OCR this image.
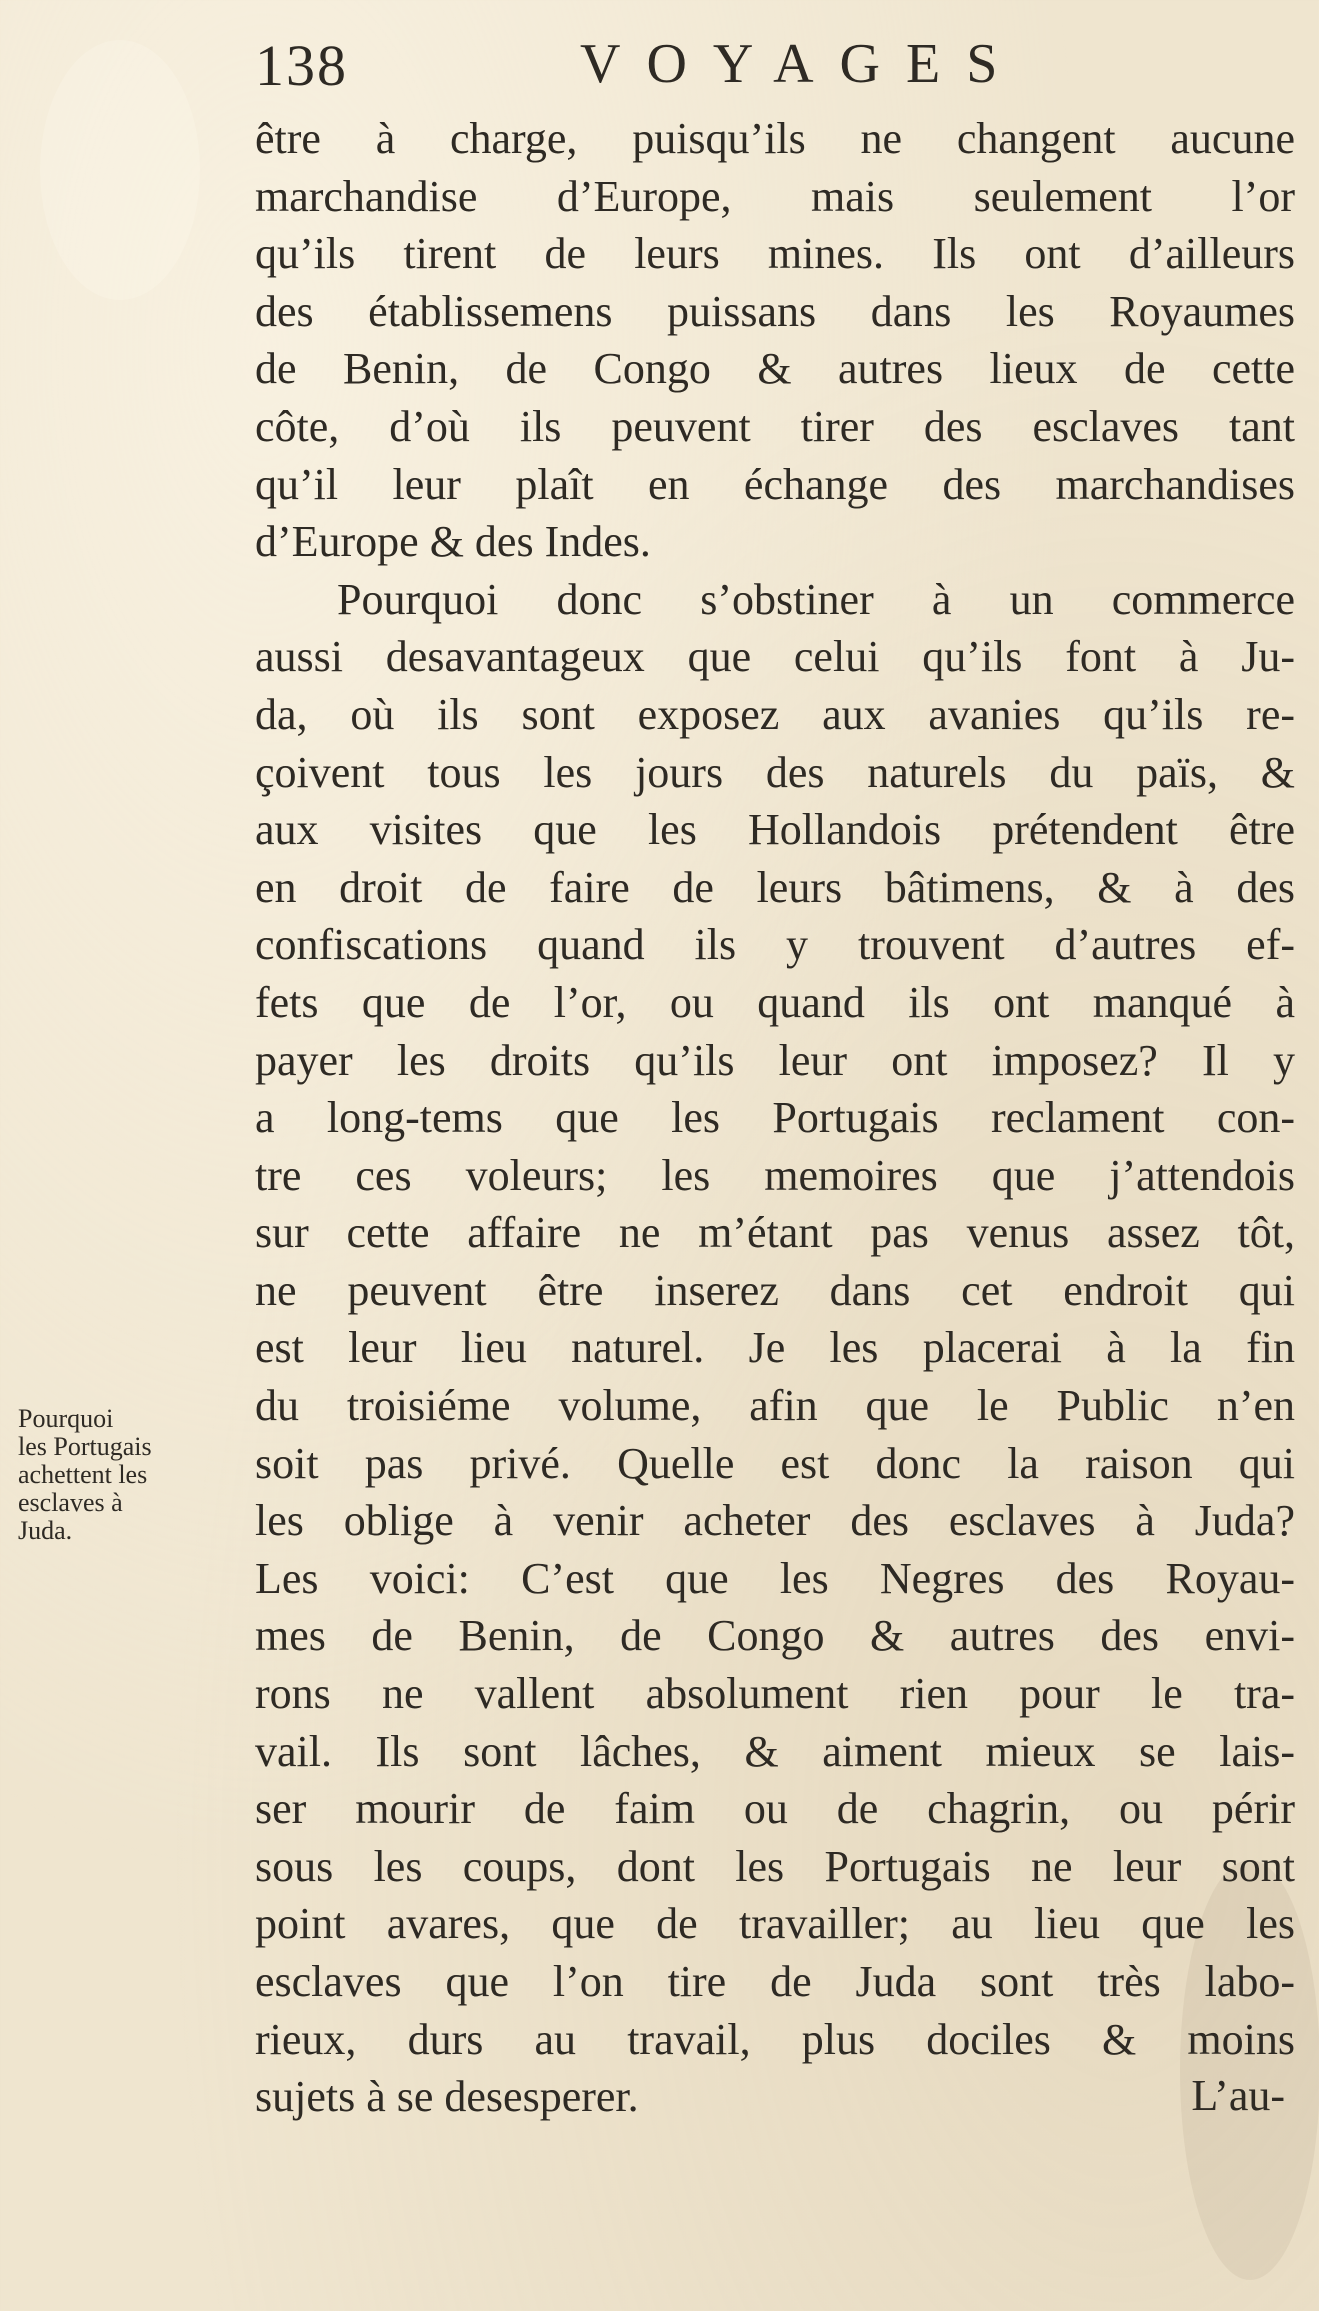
138	VOYAGES
être à charge, puisqu’ils ne changent aucune
marchandise d’Europe, mais seulement l’or
qu’ils tirent de leurs mines. Ils ont d’ailleurs
des établissemens puissans dans les Royaumes
de Benin, de Congo & autres lieux de cette
côte, d’où ils peuvent tirer des esclaves tant
qu’il leur plaît en échange des marchandises
d’Europe & des Indes.
Pourquoi donc s’obstiner à un commerce
aussi desavantageux que celui qu’ils font à Ju-
da, où ils sont exposez aux avanies qu’ils re-
çoivent tous les jours des naturels du païs, &
aux visites que les Hollandois prétendent être
en droit de faire de leurs bâtimens, & à des
confiscations quand ils y trouvent d’autres ef-
fets que de l’or, ou quand ils ont manqué à
payer les droits qu’ils leur ont imposez? Il y
a long-tems que les Portugais reclament con-
tre ces voleurs; les memoires que j’attendois
sur cette affaire ne m’étant pas venus assez tôt,
ne peuvent être inserez dans cet endroit qui
est leur lieu naturel. Je les placerai à la fin
du troisiéme volume, afin que le Public n’en
soit pas privé. Quelle est donc la raison qui
les oblige à venir acheter des esclaves à Juda?
Les voici: C’est que les Negres des Royau-
mes de Benin, de Congo & autres des envi-
rons ne vallent absolument rien pour le tra-
vail. Ils sont lâches, & aiment mieux se lais-
ser mourir de faim ou de chagrin, ou périr
sous les coups, dont les Portugais ne leur sont
point avares, que de travailler; au lieu que les
esclaves que l’on tire de Juda sont très labo-
rieux, durs au travail, plus dociles & moins
sujets à se desesperer.
Pourquoi
les Portugais
achettent les
esclaves à
Juda.
L’au-
